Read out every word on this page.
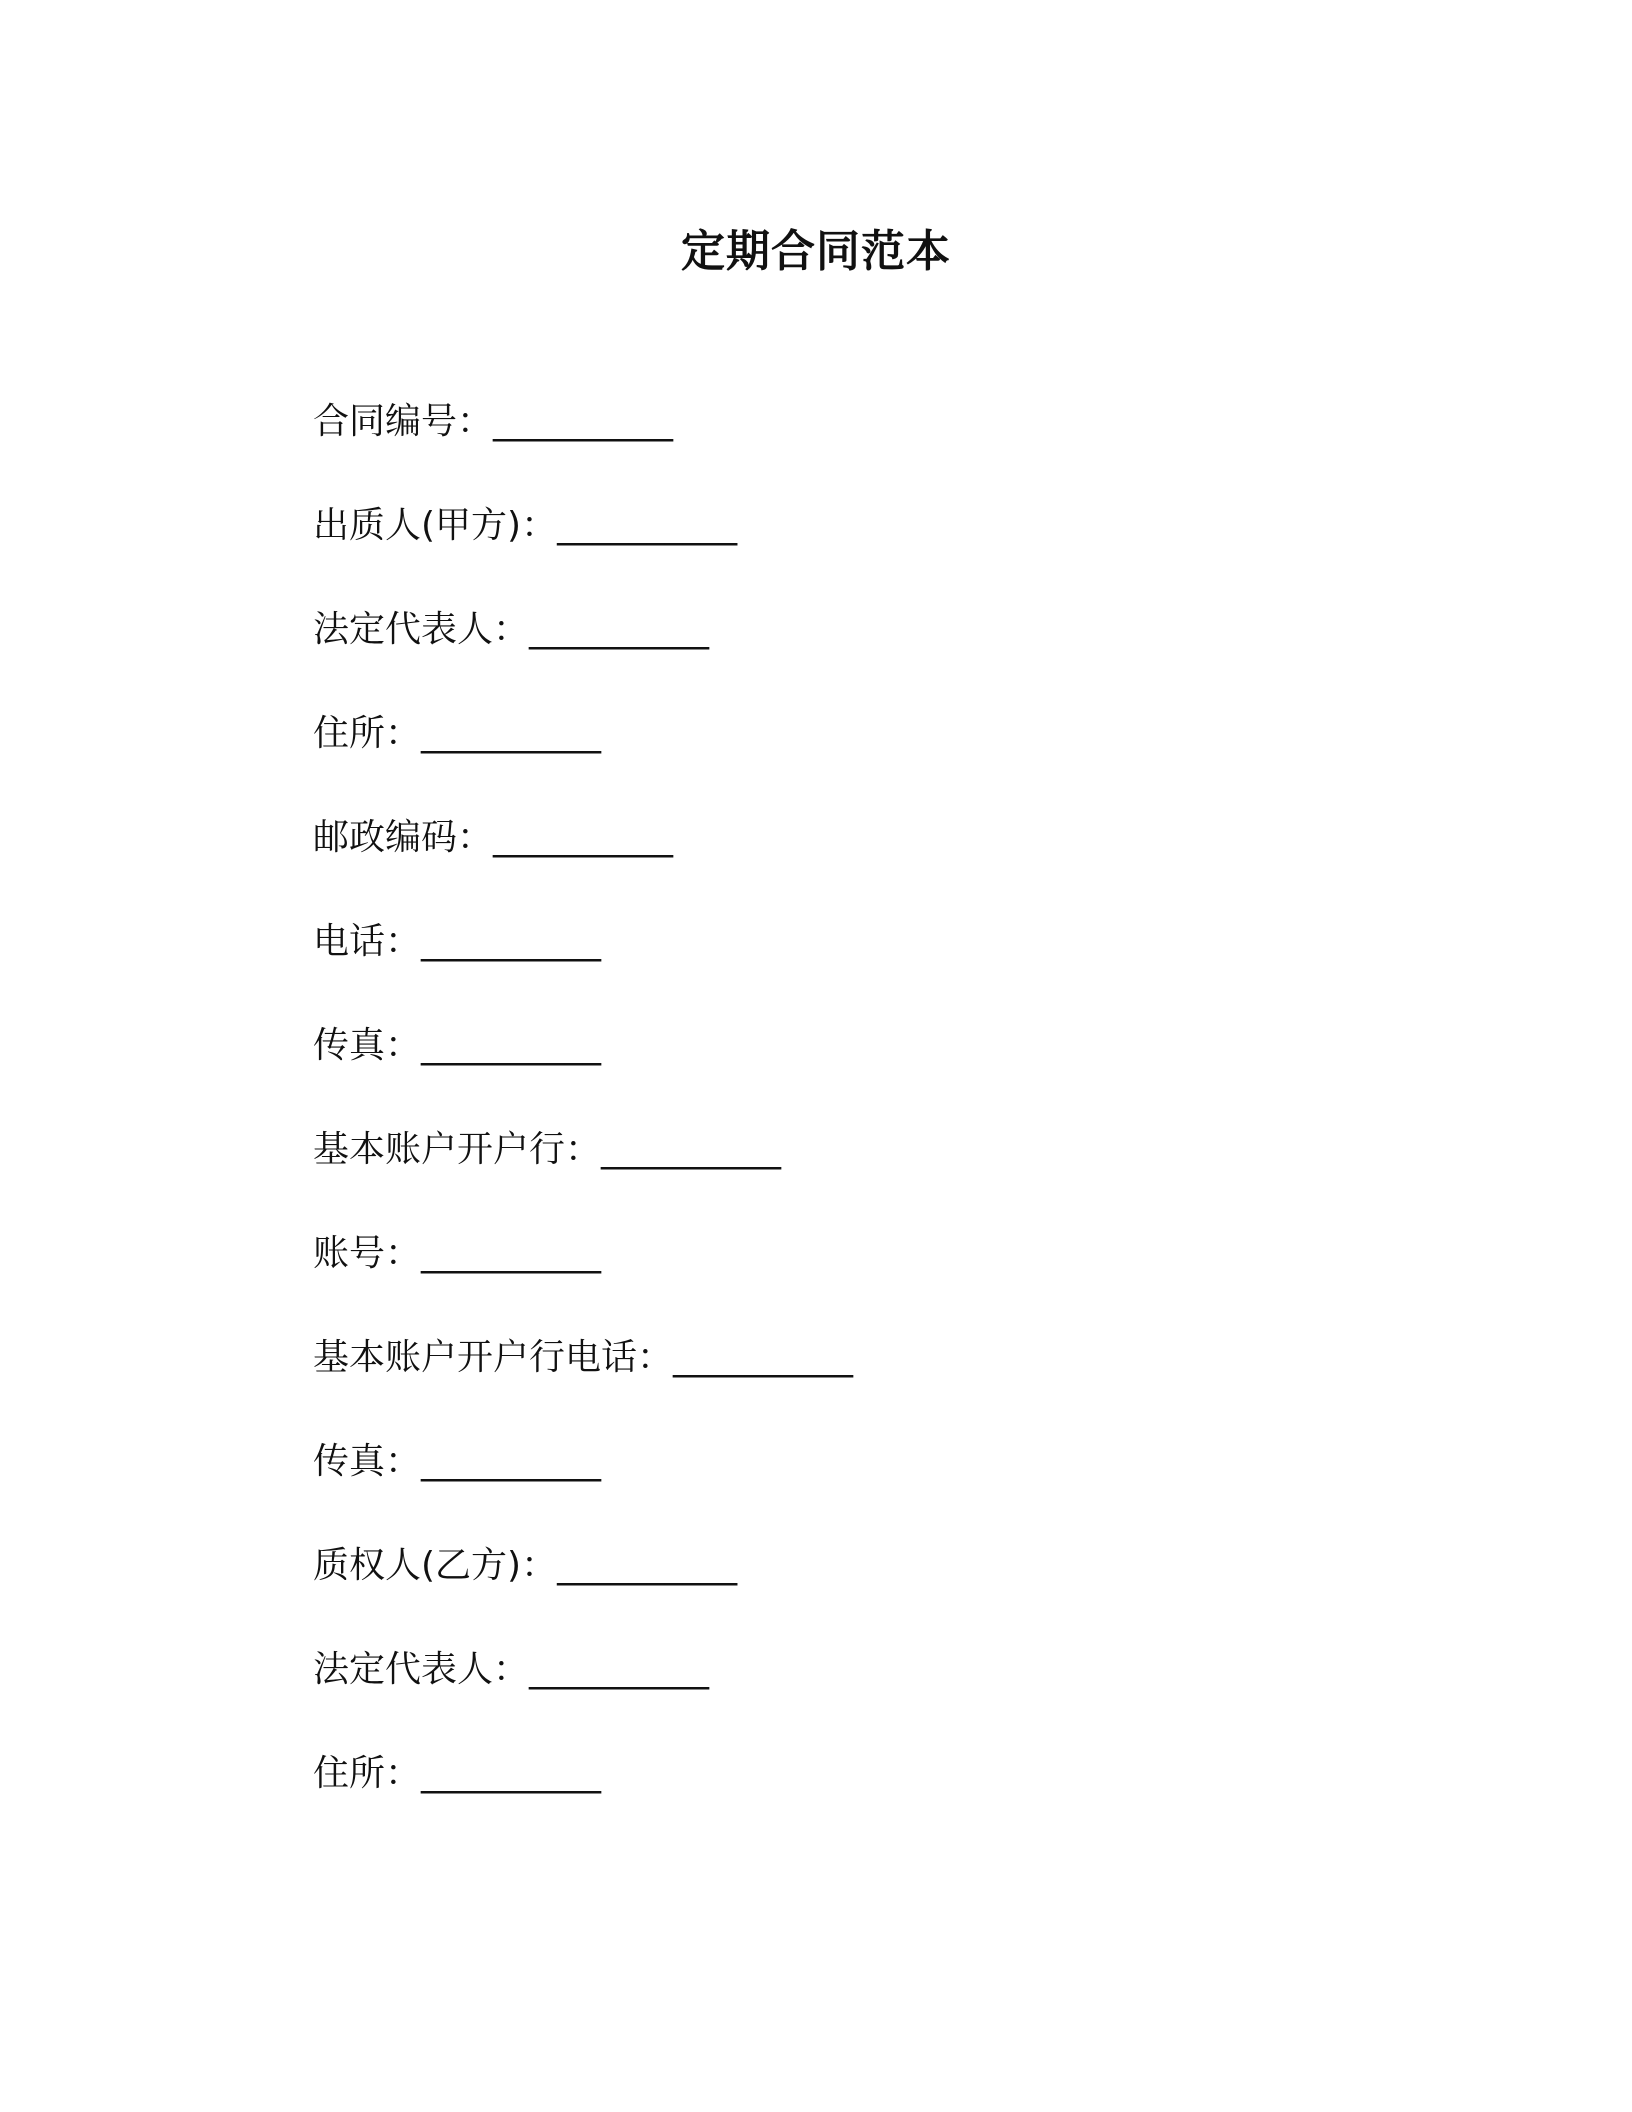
定期合同范本
合同编号：__________
出质人(甲方)：__________
法定代表人：__________
住所：__________
邮政编码：__________
电话：__________
传真：__________
基本账户开户行：__________
账号：__________
基本账户开户行电话：__________
传真：__________
质权人(乙方)：__________
法定代表人：__________
住所：__________
